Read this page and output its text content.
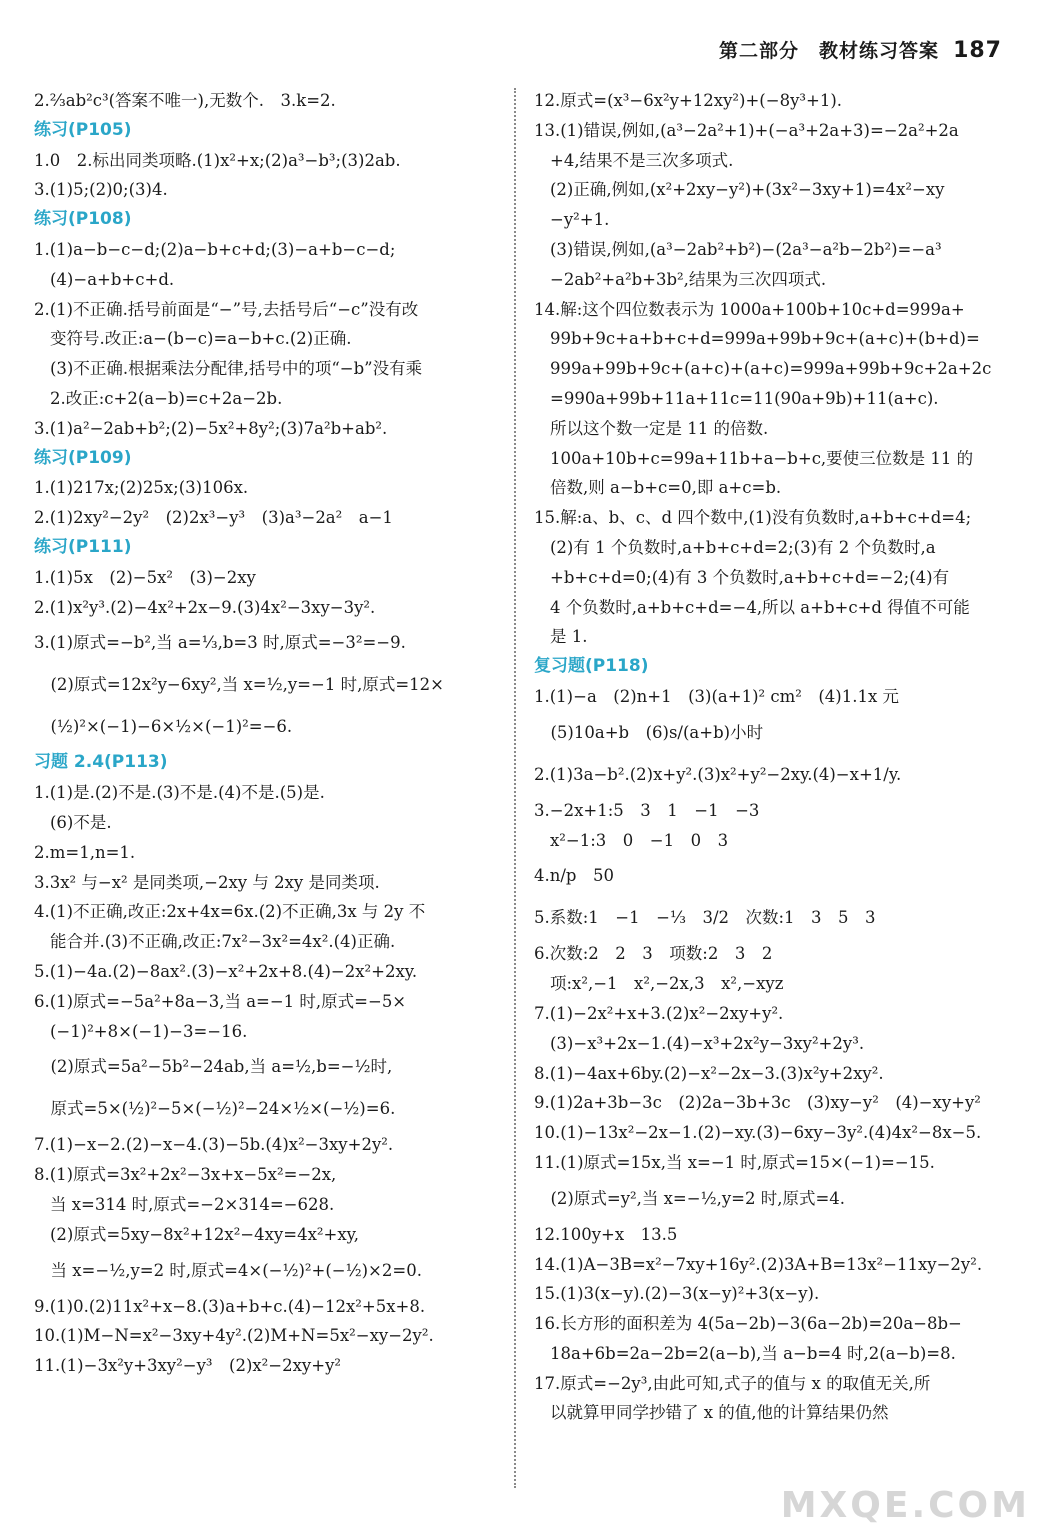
第二部分　教材练习答案 187
2.²⁄₃ab²c³(答案不唯一),无数个.　3.k=2.
练习(P105)
1.0　2.标出同类项略.(1)x²+x;(2)a³−b³;(3)2ab.
3.(1)5;(2)0;(3)4.
练习(P108)
1.(1)a−b−c−d;(2)a−b+c+d;(3)−a+b−c−d;
(4)−a+b+c+d.
2.(1)不正确.括号前面是“−”号,去括号后“−c”没有改
变符号.改正:a−(b−c)=a−b+c.(2)正确.
(3)不正确.根据乘法分配律,括号中的项“−b”没有乘
2.改正:c+2(a−b)=c+2a−2b.
3.(1)a²−2ab+b²;(2)−5x²+8y²;(3)7a²b+ab².
练习(P109)
1.(1)217x;(2)25x;(3)106x.
2.(1)2xy²−2y²　(2)2x³−y³　(3)a³−2a²　a−1
练习(P111)
1.(1)5x　(2)−5x²　(3)−2xy
2.(1)x²y³.(2)−4x²+2x−9.(3)4x²−3xy−3y².
3.(1)原式=−b²,当 a=⅓,b=3 时,原式=−3²=−9.
　(2)原式=12x²y−6xy²,当 x=½,y=−1 时,原式=12×
　(½)²×(−1)−6×½×(−1)²=−6.
习题 2.4(P113)
1.(1)是.(2)不是.(3)不是.(4)不是.(5)是.
(6)不是.
2.m=1,n=1.
3.3x² 与−x² 是同类项,−2xy 与 2xy 是同类项.
4.(1)不正确,改正:2x+4x=6x.(2)不正确,3x 与 2y 不
能合并.(3)不正确,改正:7x²−3x²=4x².(4)正确.
5.(1)−4a.(2)−8ax².(3)−x²+2x+8.(4)−2x²+2xy.
6.(1)原式=−5a²+8a−3,当 a=−1 时,原式=−5×
(−1)²+8×(−1)−3=−16.
　(2)原式=5a²−5b²−24ab,当 a=½,b=−½时,
　原式=5×(½)²−5×(−½)²−24×½×(−½)=6.
7.(1)−x−2.(2)−x−4.(3)−5b.(4)x²−3xy+2y².
8.(1)原式=3x²+2x²−3x+x−5x²=−2x,
当 x=314 时,原式=−2×314=−628.
(2)原式=5xy−8x²+12x²−4xy=4x²+xy,
　当 x=−½,y=2 时,原式=4×(−½)²+(−½)×2=0.
9.(1)0.(2)11x²+x−8.(3)a+b+c.(4)−12x²+5x+8.
10.(1)M−N=x²−3xy+4y².(2)M+N=5x²−xy−2y².
11.(1)−3x²y+3xy²−y³　(2)x²−2xy+y²
12.原式=(x³−6x²y+12xy²)+(−8y³+1).
13.(1)错误,例如,(a³−2a²+1)+(−a³+2a+3)=−2a²+2a
+4,结果不是三次多项式.
(2)正确,例如,(x²+2xy−y²)+(3x²−3xy+1)=4x²−xy
−y²+1.
(3)错误,例如,(a³−2ab²+b²)−(2a³−a²b−2b²)=−a³
−2ab²+a²b+3b²,结果为三次四项式.
14.解:这个四位数表示为 1000a+100b+10c+d=999a+
99b+9c+a+b+c+d=999a+99b+9c+(a+c)+(b+d)=
999a+99b+9c+(a+c)+(a+c)=999a+99b+9c+2a+2c
=990a+99b+11a+11c=11(90a+9b)+11(a+c).
所以这个数一定是 11 的倍数.
100a+10b+c=99a+11b+a−b+c,要使三位数是 11 的
倍数,则 a−b+c=0,即 a+c=b.
15.解:a、b、c、d 四个数中,(1)没有负数时,a+b+c+d=4;
(2)有 1 个负数时,a+b+c+d=2;(3)有 2 个负数时,a
+b+c+d=0;(4)有 3 个负数时,a+b+c+d=−2;(4)有
4 个负数时,a+b+c+d=−4,所以 a+b+c+d 得值不可能
是 1.
复习题(P118)
1.(1)−a　(2)n+1　(3)(a+1)² cm²　(4)1.1x 元
　(5)10a+b　(6)s/(a+b)小时
2.(1)3a−b².(2)x+y².(3)x²+y²−2xy.(4)−x+1/y.
3.−2x+1:5　3　1　−1　−3
x²−1:3　0　−1　0　3
4.n/p　50
5.系数:1　−1　−⅓　3/2　次数:1　3　5　3
6.次数:2　2　3　项数:2　3　2
项:x²,−1　x²,−2x,3　x²,−xyz
7.(1)−2x²+x+3.(2)x²−2xy+y².
(3)−x³+2x−1.(4)−x³+2x²y−3xy²+2y³.
8.(1)−4ax+6by.(2)−x²−2x−3.(3)x²y+2xy².
9.(1)2a+3b−3c　(2)2a−3b+3c　(3)xy−y²　(4)−xy+y²
10.(1)−13x²−2x−1.(2)−xy.(3)−6xy−3y².(4)4x²−8x−5.
11.(1)原式=15x,当 x=−1 时,原式=15×(−1)=−15.
　(2)原式=y²,当 x=−½,y=2 时,原式=4.
12.100y+x　13.5
14.(1)A−3B=x²−7xy+16y².(2)3A+B=13x²−11xy−2y².
15.(1)3(x−y).(2)−3(x−y)²+3(x−y).
16.长方形的面积差为 4(5a−2b)−3(6a−2b)=20a−8b−
18a+6b=2a−2b=2(a−b),当 a−b=4 时,2(a−b)=8.
17.原式=−2y³,由此可知,式子的值与 x 的取值无关,所
以就算甲同学抄错了 x 的值,他的计算结果仍然
MXQE.COM
